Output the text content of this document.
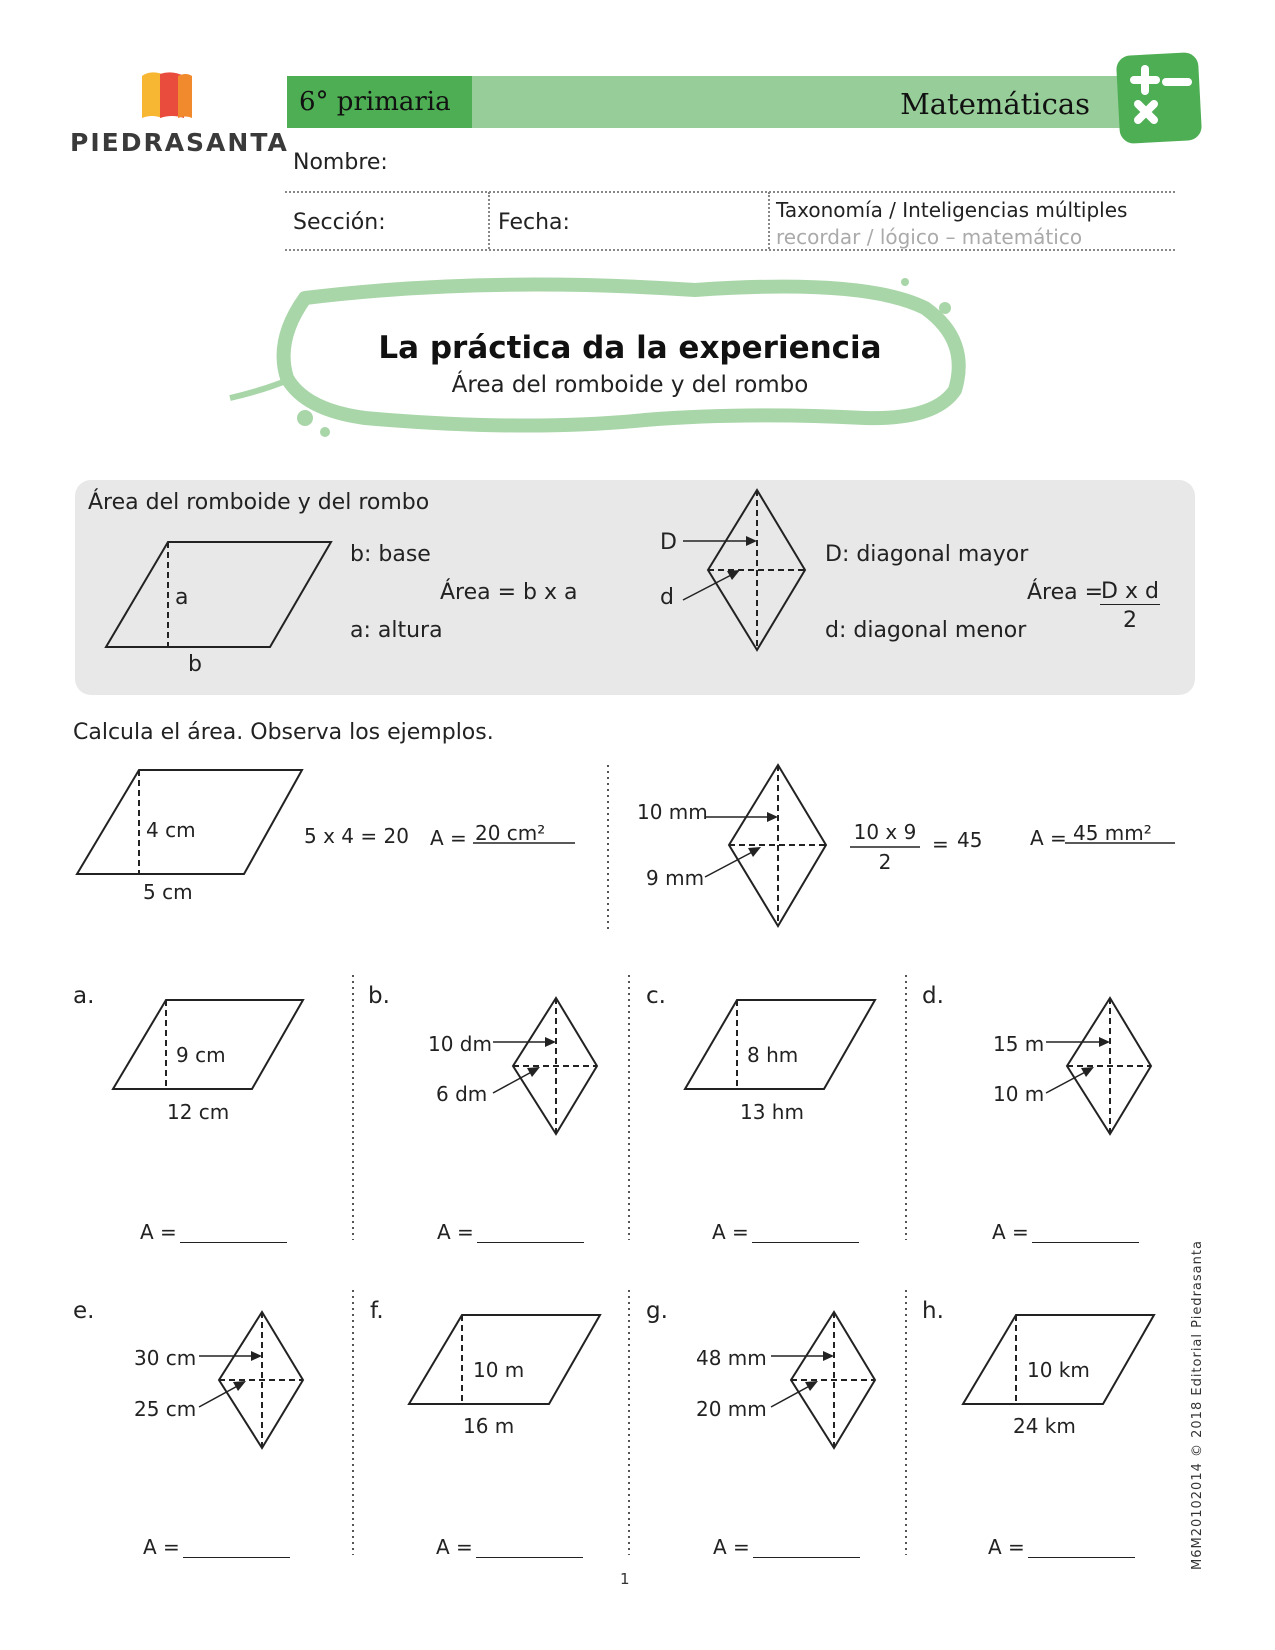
PIEDRASANTA
6° primaria	Matemáticas
Nombre:
Sección:	Fecha:	Taxonomía / Inteligencias múltiples
recordar / lógico – matemático
La práctica da la experiencia
Área del romboide y del rombo
Área del romboide y del rombo
a
b
b: base
a: altura
Área = b x a
D
d
D: diagonal mayor
d: diagonal menor
Área =
D x d
2
Calcula el área. Observa los ejemplos.
4 cm
5 cm
5 x 4 = 20 A = 20 cm²
10 mm
9 mm
10 x 9
2
= 45 A = 45 mm²
a.
9 cm
12 cm
A =
b.
10 dm
6 dm
A =
c.
8 hm
13 hm
A =
d.
15 m
10 m
A =
e.
30 cm
25 cm
A =
f.
10 m
16 m
A =
g.
48 mm
20 mm
A =
h.
10 km
24 km
A =
1
M6M20102014 © 2018 Editorial Piedrasanta
